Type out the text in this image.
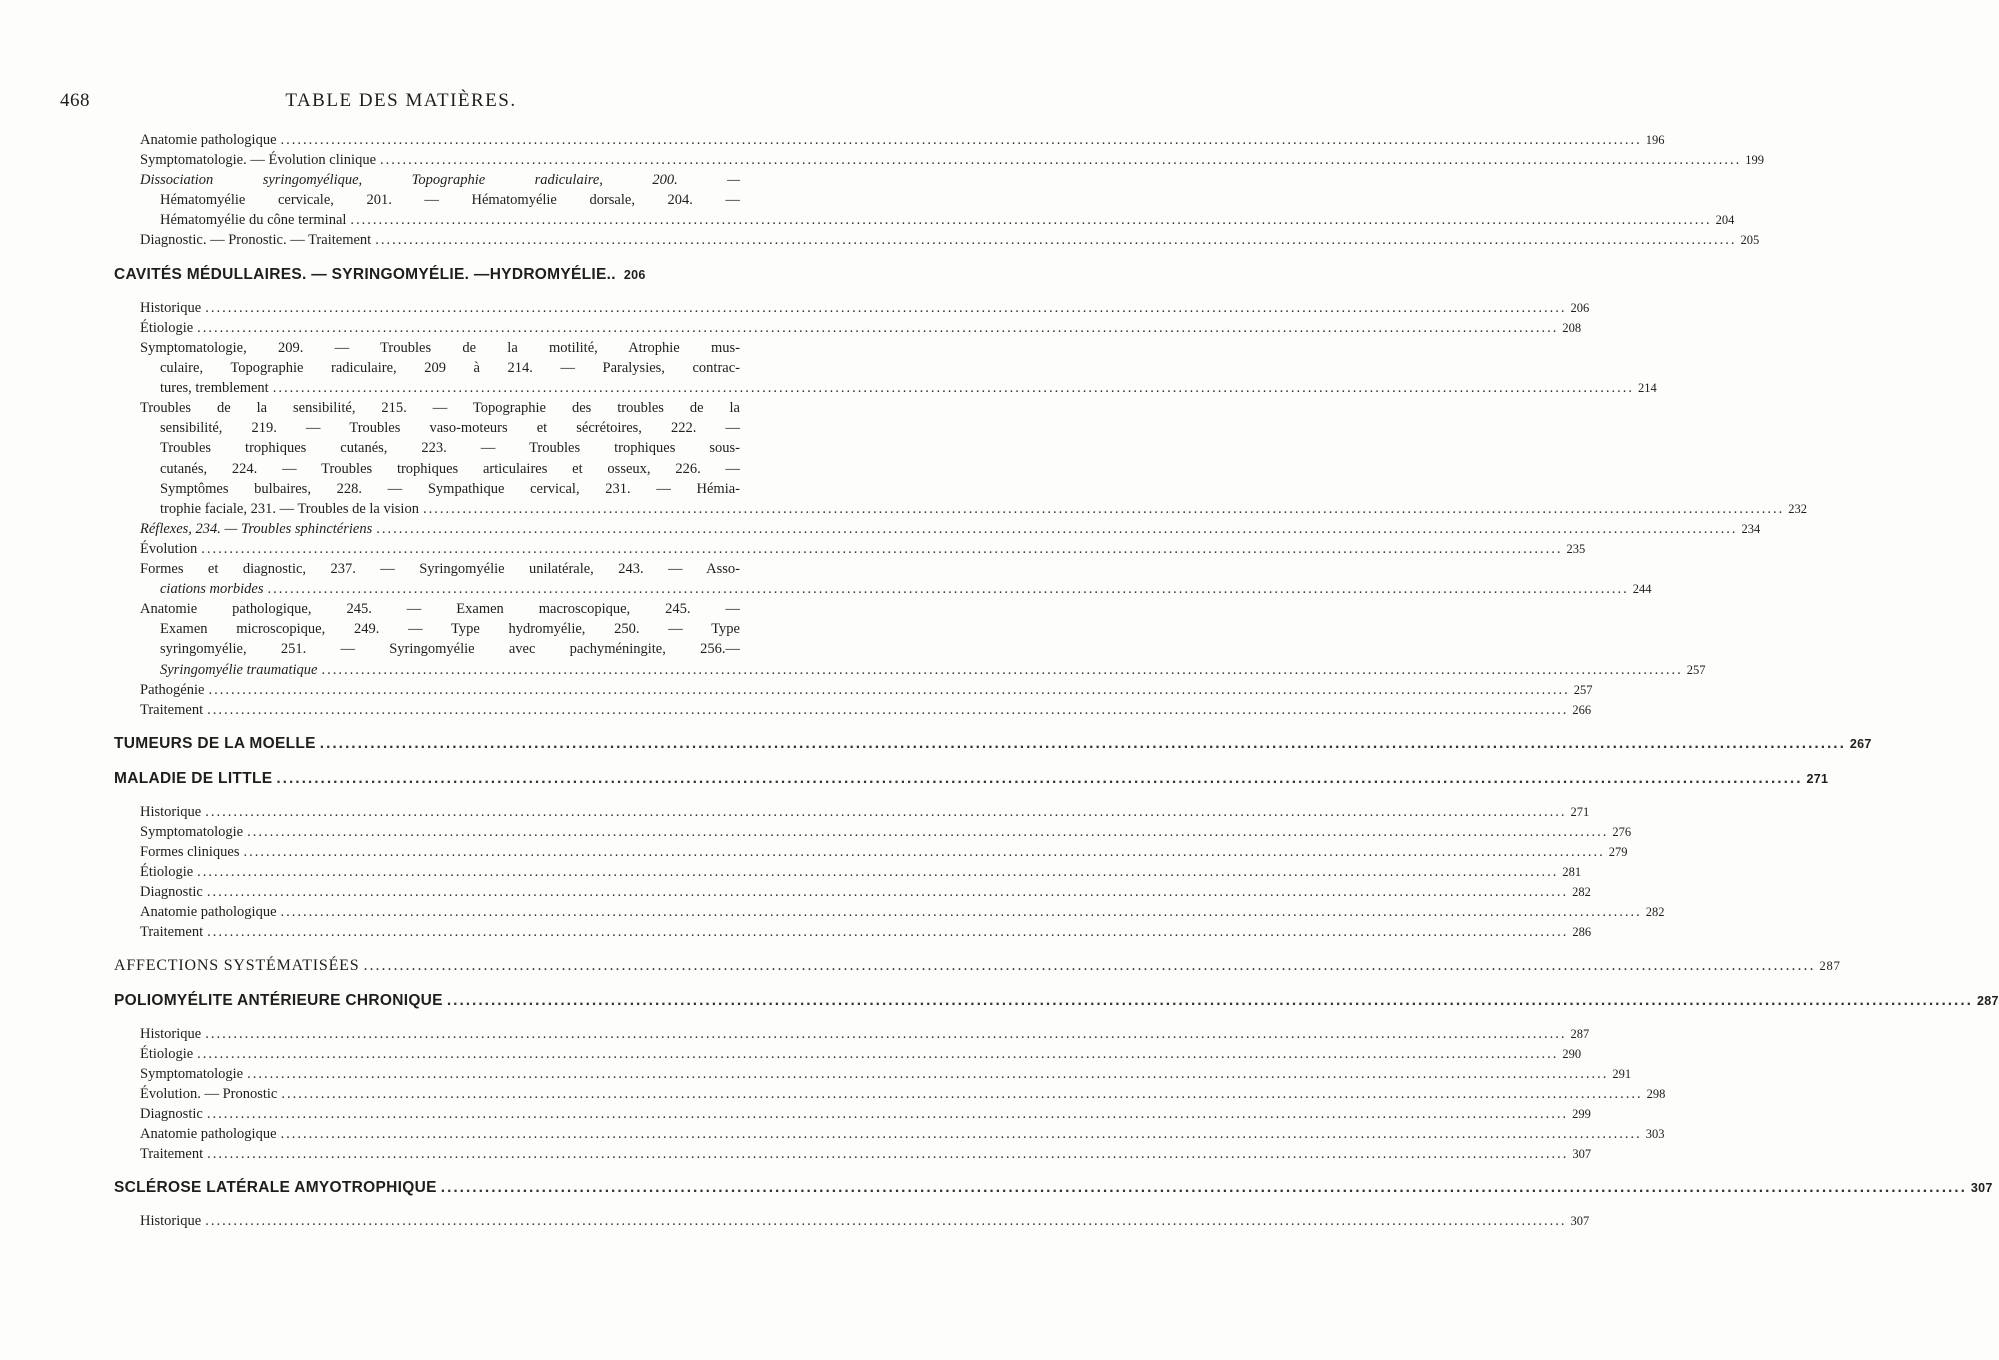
468	TABLE DES MATIÈRES.
Anatomie pathologique .....	196
Symptomatologie. — Évolution clinique .....	199
Dissociation syringomyélique, Topographie radiculaire, 200. —
Hématomyélie cervicale, 201. — Hématomyélie dorsale, 204. —
Hématomyélie du cône terminal .....	204
Diagnostic. — Pronostic. — Traitement .....	205
CAVITÉS MÉDULLAIRES. — SYRINGOMYÉLIE. —HYDROMYÉLIE.. 206
Historique .....	206
Étiologie .....	208
Symptomatologie, 209. — Troubles de la motilité, Atrophie mus-
culaire, Topographie radiculaire, 209 à 214. — Paralysies, contrac-
tures, tremblement .....	214
Troubles de la sensibilité, 215. — Topographie des troubles de la
sensibilité, 219. — Troubles vaso-moteurs et sécrétoires, 222. —
Troubles trophiques cutanés, 223. — Troubles trophiques sous-
cutanés, 224. — Troubles trophiques articulaires et osseux, 226. —
Symptômes bulbaires, 228. — Sympathique cervical, 231. — Hémia-
trophie faciale, 231. — Troubles de la vision .....	232
Réflexes, 234. — Troubles sphinctériens .....	234
Évolution .....	235
Formes et diagnostic, 237. — Syringomyélie unilatérale, 243. — Asso-
ciations morbides .....	244
Anatomie pathologique, 245. — Examen macroscopique, 245. —
Examen microscopique, 249. — Type hydromyélie, 250. — Type
syringomyélie, 251. — Syringomyélie avec pachyméningite, 256.—
Syringomyélie traumatique .....	257
Pathogénie .....	257
Traitement .....	266
TUMEURS DE LA MOELLE .....	267
MALADIE DE LITTLE .....	271
Historique .....	271
Symptomatologie .....	276
Formes cliniques .....	279
Étiologie .....	281
Diagnostic .....	282
Anatomie pathologique .....	282
Traitement .....	286
AFFECTIONS SYSTÉMATISÉES .....	287
POLIOMYÉLITE ANTÉRIEURE CHRONIQUE .....	287
Historique .....	287
Étiologie .....	290
Symptomatologie .....	291
Évolution. — Pronostic .....	298
Diagnostic .....	299
Anatomie pathologique .....	303
Traitement .....	307
SCLÉROSE LATÉRALE AMYOTROPHIQUE .....	307
Historique .....	307
